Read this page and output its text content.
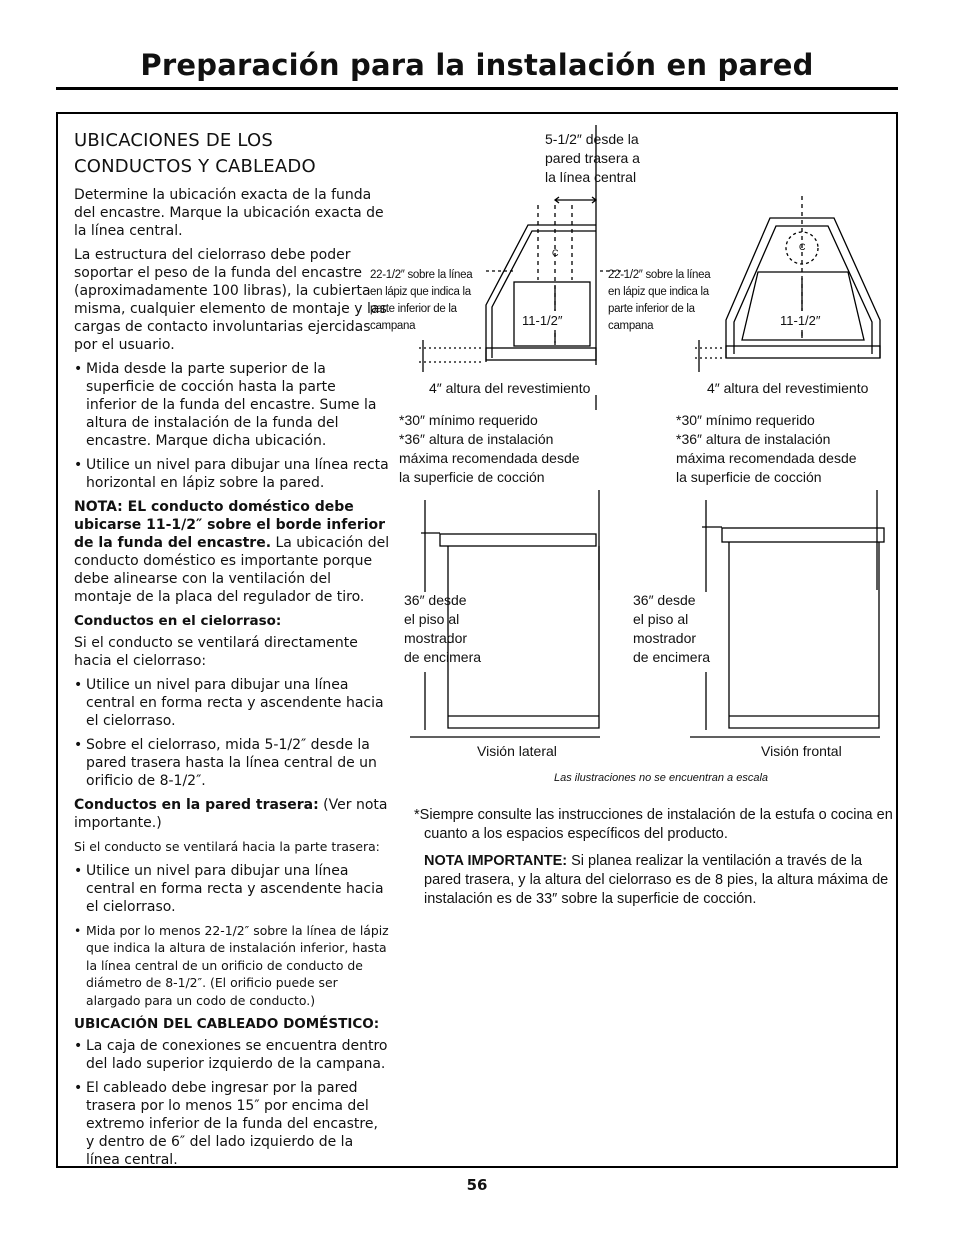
Preparación para la instalación en pared
UBICACIONES DE LOS
CONDUCTOS Y CABLEADO

Determine la ubicación exacta de la funda del encastre. Marque la ubicación exacta de la línea central.

La estructura del cielorraso debe poder soportar el peso de la funda del encastre (aproximadamente 100 libras), la cubierta misma, cualquier elemento de montaje y las cargas de contacto involuntarias ejercidas por el usuario.

• Mida desde la parte superior de la superficie de cocción hasta la parte inferior de la funda del encastre. Sume la altura de instalación de la funda del encastre. Marque dicha ubicación.
• Utilice un nivel para dibujar una línea recta horizontal en lápiz sobre la pared.

NOTA: EL conducto doméstico debe ubicarse 11-1/2″ sobre el borde inferior de la funda del encastre. La ubicación del conducto doméstico es importante porque debe alinearse con la ventilación del montaje de la placa del regulador de tiro.

Conductos en el cielorraso:

Si el conducto se ventilará directamente hacia el cielorraso:

• Utilice un nivel para dibujar una línea central en forma recta y ascendente hacia el cielorraso.
• Sobre el cielorraso, mida 5-1/2″ desde la pared trasera hasta la línea central de un orificio de 8-1/2″.

Conductos en la pared trasera: (Ver nota importante.)

Si el conducto se ventilará hacia la parte trasera:

• Utilice un nivel para dibujar una línea central en forma recta y ascendente hacia el cielorraso.
• Mida por lo menos 22-1/2″ sobre la línea de lápiz que indica la altura de instalación inferior, hasta la línea central de un orificio de conducto de diámetro de 8-1/2″. (El orificio puede ser alargado para un codo de conducto.)
UBICACIÓN DEL CABLEADO DOMÉSTICO:
• La caja de conexiones se encuentra dentro del lado superior izquierdo de la campana.
• El cableado debe ingresar por la pared trasera por lo menos 15″ por encima del extremo inferior de la funda del encastre, y dentro de 6″ del lado izquierdo de la línea central.
C
C
5-1/2″ desde la
pared trasera a
la línea central
22-1/2″ sobre la línea
en lápiz que indica la
parte inferior de la
campana
22-1/2″ sobre la línea
en lápiz que indica la
parte inferior de la
campana
11-1/2″	11-1/2″
4″ altura del revestimiento	4″ altura del revestimiento
*30″ mínimo requerido
*36″ altura de instalación
máxima recomendada desde
la superficie de cocción
*30″ mínimo requerido
*36″ altura de instalación
máxima recomendada desde
la superficie de cocción
36″ desde
el piso al
mostrador
de encimera
36″ desde
el piso al
mostrador
de encimera
Visión lateral	Visión frontal
Las ilustraciones no se encuentran a escala

*Siempre consulte las instrucciones de instalación de la estufa o cocina en cuanto a los espacios específicos del producto.

NOTA IMPORTANTE: Si planea realizar la ventilación a través de la pared trasera, y la altura del cielorraso es de 8 pies, la altura máxima de instalación es de 33″ sobre la superficie de cocción.

56
